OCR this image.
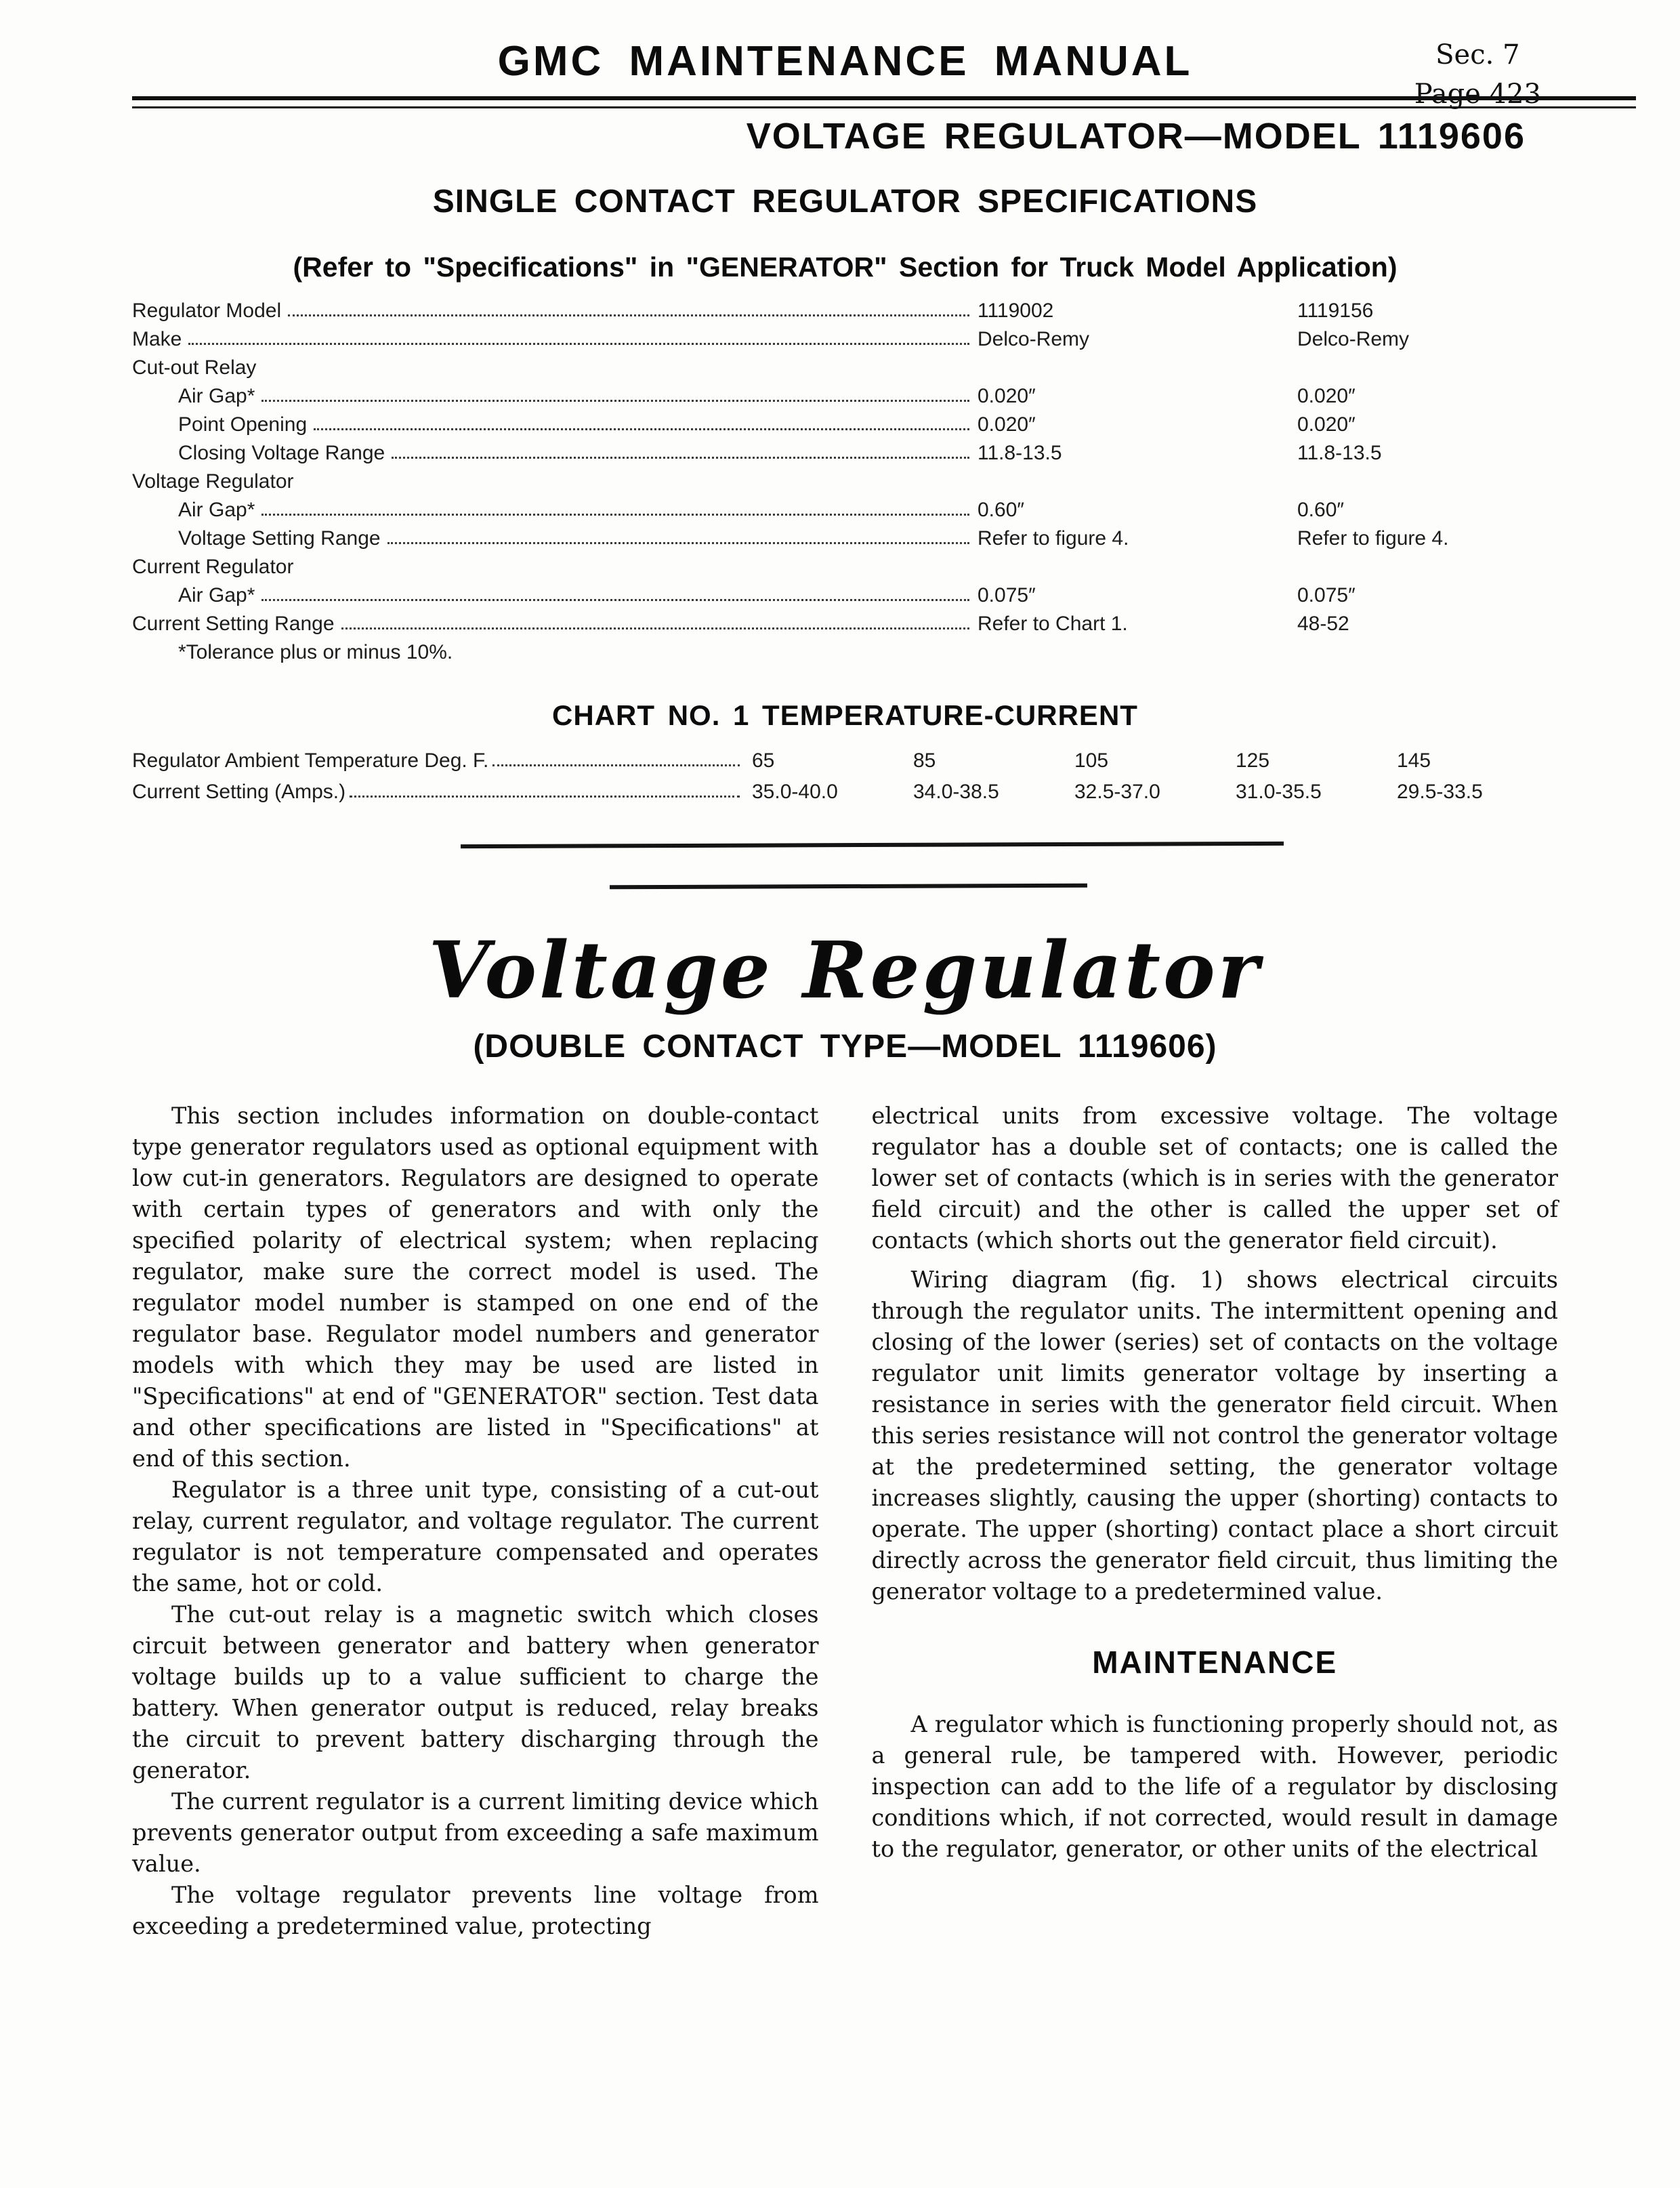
Sec. 7
Page 423
GMC MAINTENANCE MANUAL
VOLTAGE REGULATOR—MODEL 1119606
SINGLE CONTACT REGULATOR SPECIFICATIONS
(Refer to "Specifications" in "GENERATOR" Section for Truck Model Application)
Regulator Model	1119002	1119156
Make	Delco-Remy	Delco-Remy
Cut-out Relay
Air Gap*	0.020″	0.020″
Point Opening	0.020″	0.020″
Closing Voltage Range	11.8-13.5	11.8-13.5
Voltage Regulator
Air Gap*	0.60″	0.60″
Voltage Setting Range	Refer to figure 4.	Refer to figure 4.
Current Regulator
Air Gap*	0.075″	0.075″
Current Setting Range	Refer to Chart 1.	48-52
*Tolerance plus or minus 10%.
CHART NO. 1 TEMPERATURE-CURRENT
Regulator Ambient Temperature Deg. F.	65	85	105	125	145
Current Setting (Amps.)	35.0-40.0	34.0-38.5	32.5-37.0	31.0-35.5	29.5-33.5
Voltage Regulator
(DOUBLE CONTACT TYPE—MODEL 1119606)

This section includes information on double-contact type generator regulators used as optional equipment with low cut-in generators. Regulators are designed to operate with certain types of generators and with only the specified polarity of electrical system; when replacing regulator, make sure the correct model is used. The regulator model number is stamped on one end of the regulator base. Regulator model numbers and generator models with which they may be used are listed in "Specifications" at end of "GENERATOR" section. Test data and other specifications are listed in "Specifications" at end of this section.

Regulator is a three unit type, consisting of a cut-out relay, current regulator, and voltage regulator. The current regulator is not temperature compensated and operates the same, hot or cold.

The cut-out relay is a magnetic switch which closes circuit between generator and battery when generator voltage builds up to a value sufficient to charge the battery. When generator output is reduced, relay breaks the circuit to prevent battery discharging through the generator.

The current regulator is a current limiting device which prevents generator output from exceeding a safe maximum value.

The voltage regulator prevents line voltage from exceeding a predetermined value, protecting

electrical units from excessive voltage. The voltage regulator has a double set of contacts; one is called the lower set of contacts (which is in series with the generator field circuit) and the other is called the upper set of contacts (which shorts out the generator field circuit).

Wiring diagram (fig. 1) shows electrical circuits through the regulator units. The intermittent opening and closing of the lower (series) set of contacts on the voltage regulator unit limits generator voltage by inserting a resistance in series with the generator field circuit. When this series resistance will not control the generator voltage at the predetermined setting, the generator voltage increases slightly, causing the upper (shorting) contacts to operate. The upper (shorting) contact place a short circuit directly across the generator field circuit, thus limiting the generator voltage to a predetermined value.

MAINTENANCE

A regulator which is functioning properly should not, as a general rule, be tampered with. However, periodic inspection can add to the life of a regulator by disclosing conditions which, if not corrected, would result in damage to the regulator, generator, or other units of the electrical
